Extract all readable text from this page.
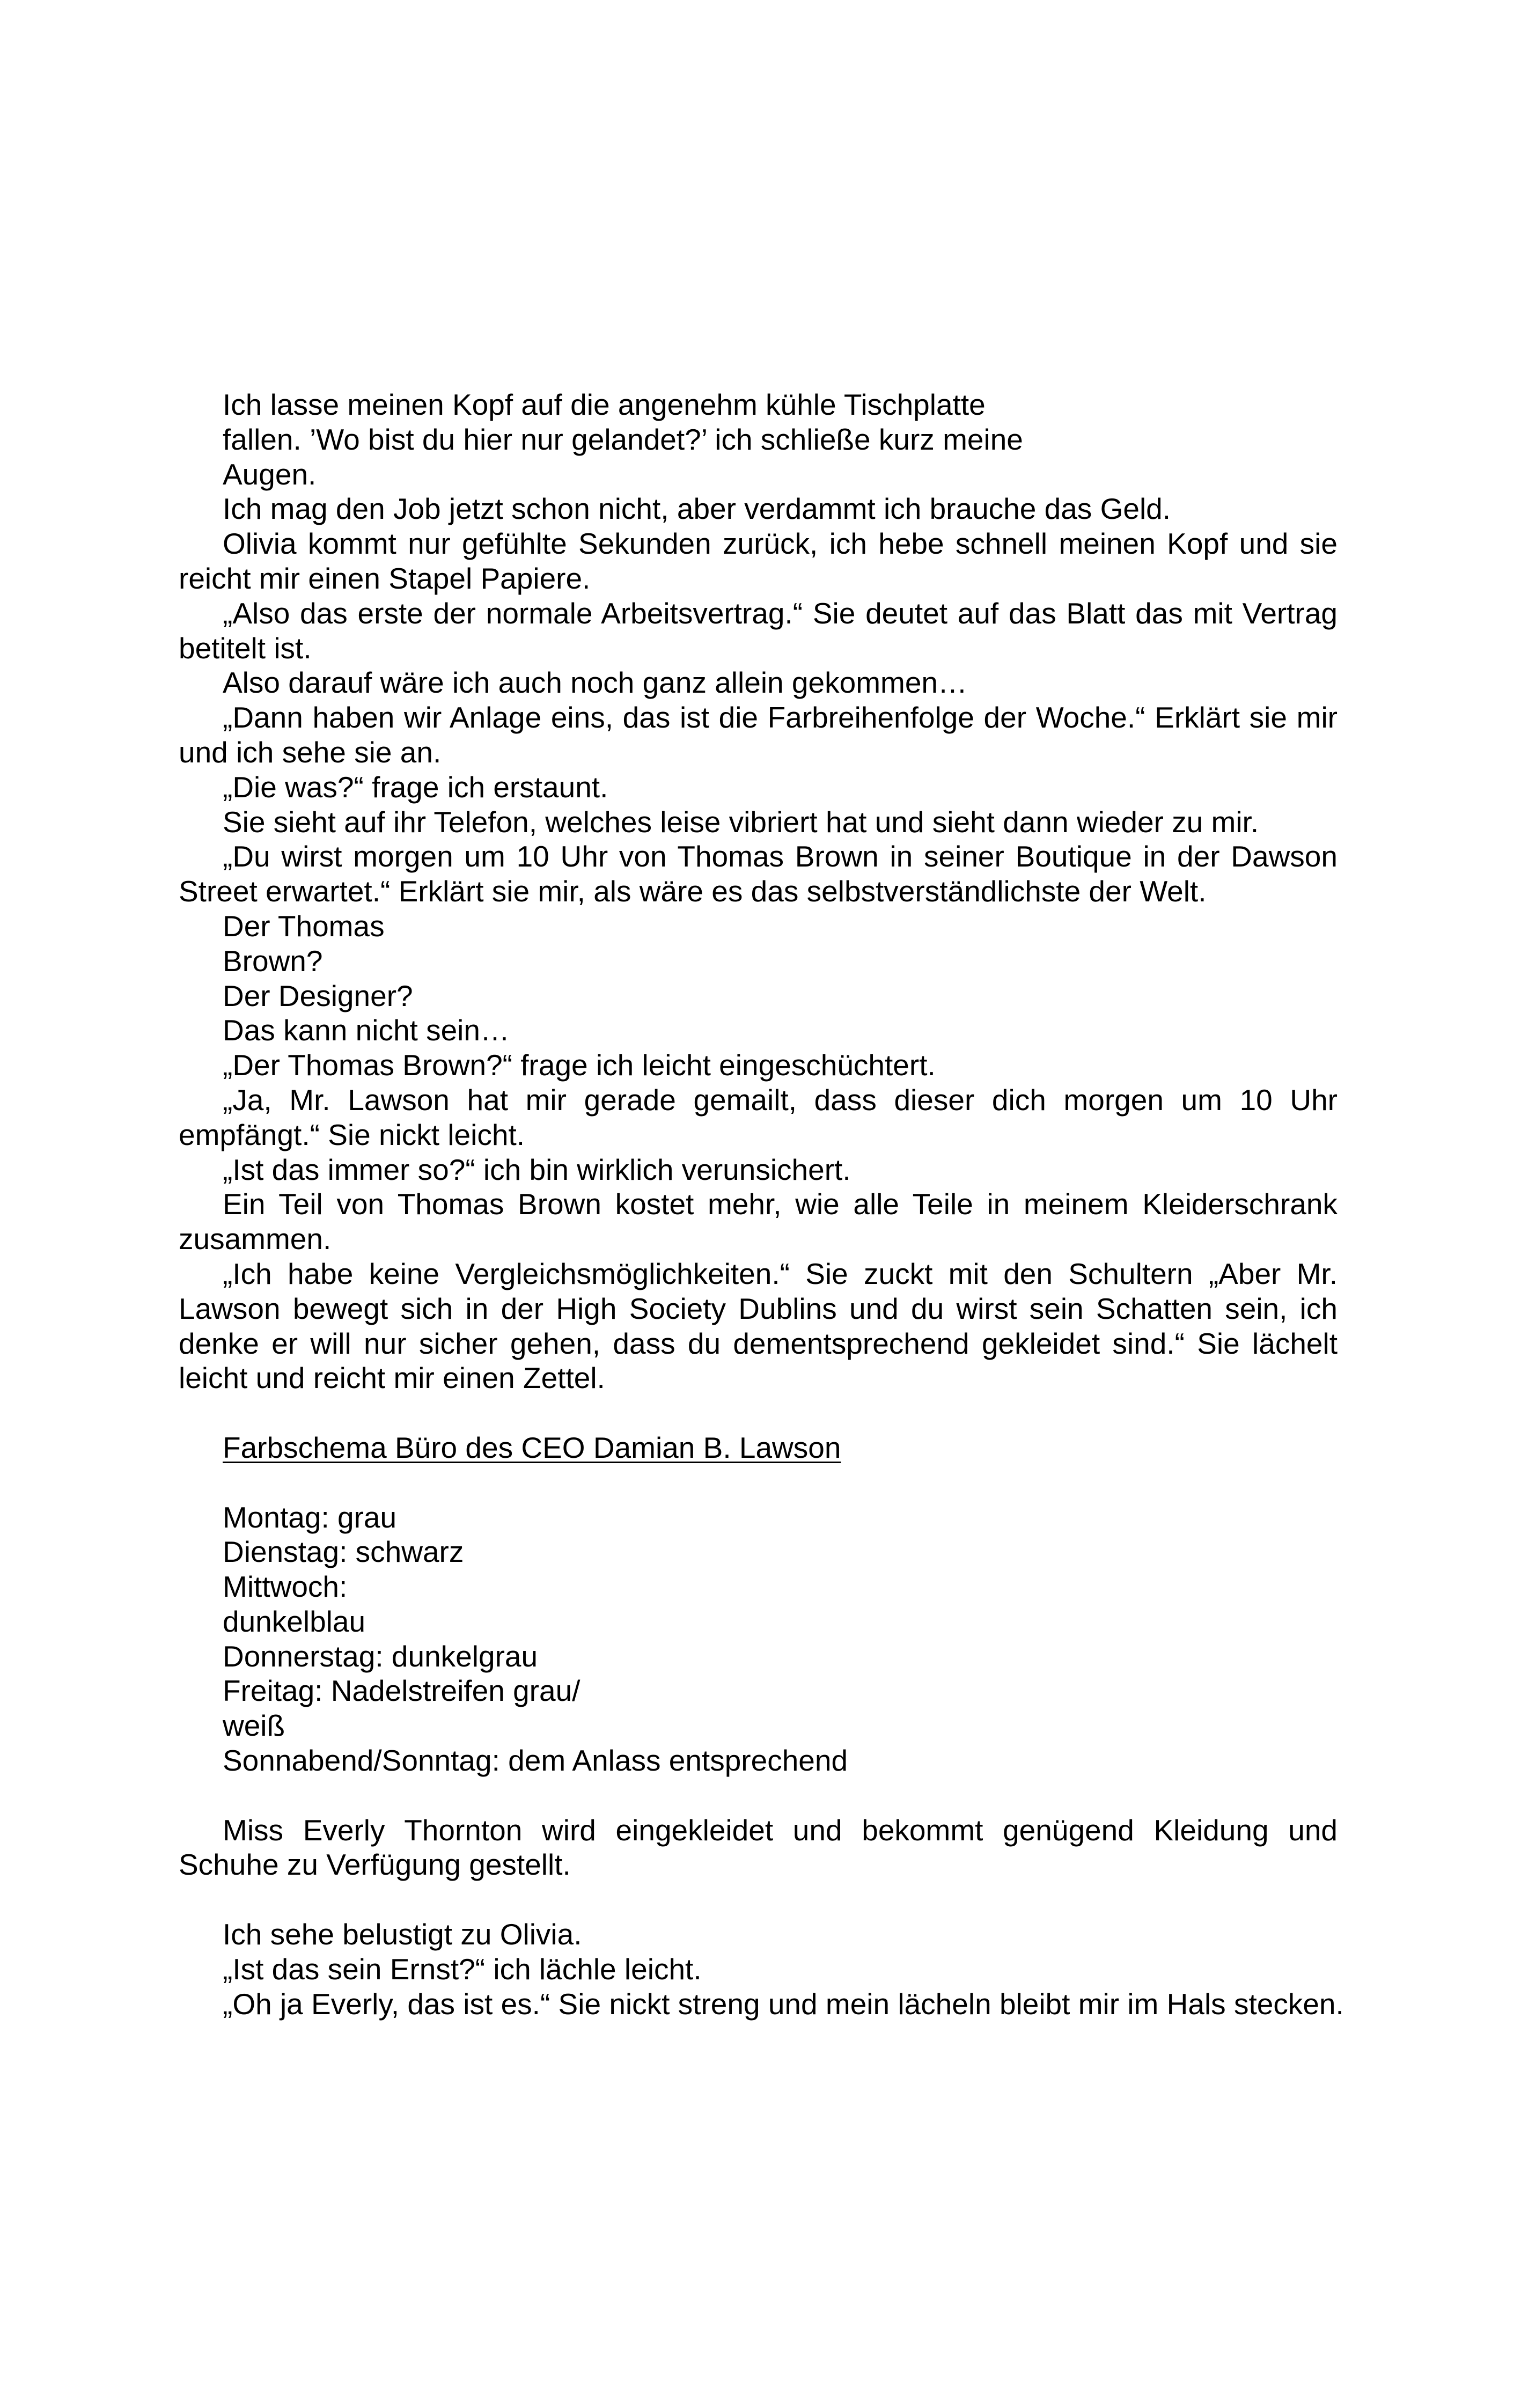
Ich lasse meinen Kopf auf die angenehm kühle Tischplatte

fallen. ’Wo bist du hier nur gelandet?’ ich schließe kurz meine

Augen.

Ich mag den Job jetzt schon nicht, aber verdammt ich brauche das Geld.

Olivia kommt nur gefühlte Sekunden zurück, ich hebe schnell meinen Kopf und sie reicht mir einen Stapel Papiere.

„Also das erste der normale Arbeitsvertrag.“ Sie deutet auf das Blatt das mit Vertrag betitelt ist.

Also darauf wäre ich auch noch ganz allein gekommen…

„Dann haben wir Anlage eins, das ist die Farbreihenfolge der Woche.“ Erklärt sie mir und ich sehe sie an.

„Die was?“ frage ich erstaunt.

Sie sieht auf ihr Telefon, welches leise vibriert hat und sieht dann wieder zu mir.

„Du wirst morgen um 10 Uhr von Thomas Brown in seiner Boutique in der Dawson Street erwartet.“ Erklärt sie mir, als wäre es das selbstverständlichste der Welt.

Der Thomas

Brown?

Der Designer?

Das kann nicht sein…

„Der Thomas Brown?“ frage ich leicht eingeschüchtert.

„Ja, Mr. Lawson hat mir gerade gemailt, dass dieser dich morgen um 10 Uhr empfängt.“ Sie nickt leicht.

„Ist das immer so?“ ich bin wirklich verunsichert.

Ein Teil von Thomas Brown kostet mehr, wie alle Teile in meinem Kleiderschrank zusammen.

„Ich habe keine Vergleichsmöglichkeiten.“ Sie zuckt mit den Schultern „Aber Mr. Lawson bewegt sich in der High Society Dublins und du wirst sein Schatten sein, ich denke er will nur sicher gehen, dass du dementsprechend gekleidet sind.“ Sie lächelt leicht und reicht mir einen Zettel.

Farbschema Büro des CEO Damian B. Lawson

Montag: grau

Dienstag: schwarz

Mittwoch:

dunkelblau

Donnerstag: dunkelgrau

Freitag: Nadelstreifen grau/

weiß

Sonnabend/Sonntag: dem Anlass entsprechend

Miss Everly Thornton wird eingekleidet und bekommt genügend Kleidung und Schuhe zu Verfügung gestellt.

Ich sehe belustigt zu Olivia.

„Ist das sein Ernst?“ ich lächle leicht.

„Oh ja Everly, das ist es.“ Sie nickt streng und mein lächeln bleibt mir im Hals stecken.
